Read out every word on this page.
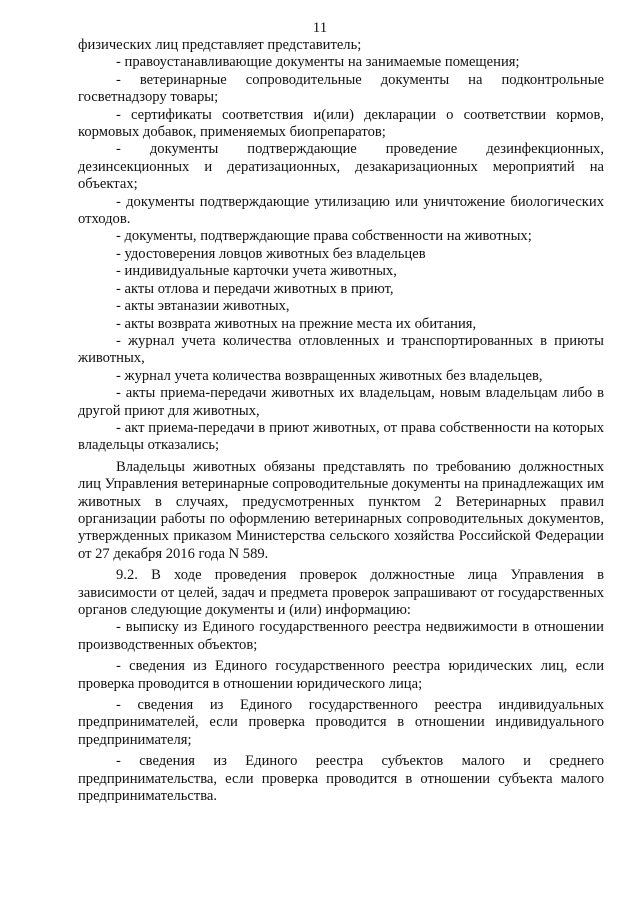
11

физических лиц представляет представитель;

- правоустанавливающие документы на занимаемые помещения;

- ветеринарные сопроводительные документы на подконтрольные госветнадзору товары;

- сертификаты соответствия и(или) декларации о соответствии кормов, кормовых добавок, применяемых биопрепаратов;

- документы подтверждающие проведение дезинфекционных, дезинсекционных и дератизационных, дезакаризационных мероприятий на объектах;

- документы подтверждающие утилизацию или уничтожение биологических отходов.

- документы, подтверждающие права собственности на животных;

- удостоверения ловцов животных без владельцев

- индивидуальные карточки учета животных,

- акты отлова и передачи животных в приют,

- акты эвтаназии животных,

- акты возврата животных на прежние места их обитания,

- журнал учета количества отловленных и транспортированных в приюты животных,

- журнал учета количества возвращенных животных без владельцев,

- акты приема-передачи животных их владельцам, новым владельцам либо в другой приют для животных,

- акт приема-передачи в приют животных, от права собственности на которых владельцы отказались;

Владельцы животных обязаны представлять по требованию должностных лиц Управления ветеринарные сопроводительные документы на принадлежащих им животных в случаях, предусмотренных пунктом 2 Ветеринарных правил организации работы по оформлению ветеринарных сопроводительных документов, утвержденных приказом Министерства сельского хозяйства Российской Федерации от 27 декабря 2016 года N 589.

9.2. В ходе проведения проверок должностные лица Управления в зависимости от целей, задач и предмета проверок запрашивают от государственных органов следующие документы и (или) информацию:

- выписку из Единого государственного реестра недвижимости в отношении производственных объектов;

- сведения из Единого государственного реестра юридических лиц, если проверка проводится в отношении юридического лица;

- сведения из Единого государственного реестра индивидуальных предпринимателей, если проверка проводится в отношении индивидуального предпринимателя;

- сведения из Единого реестра субъектов малого и среднего предпринимательства, если проверка проводится в отношении субъекта малого предпринимательства.
